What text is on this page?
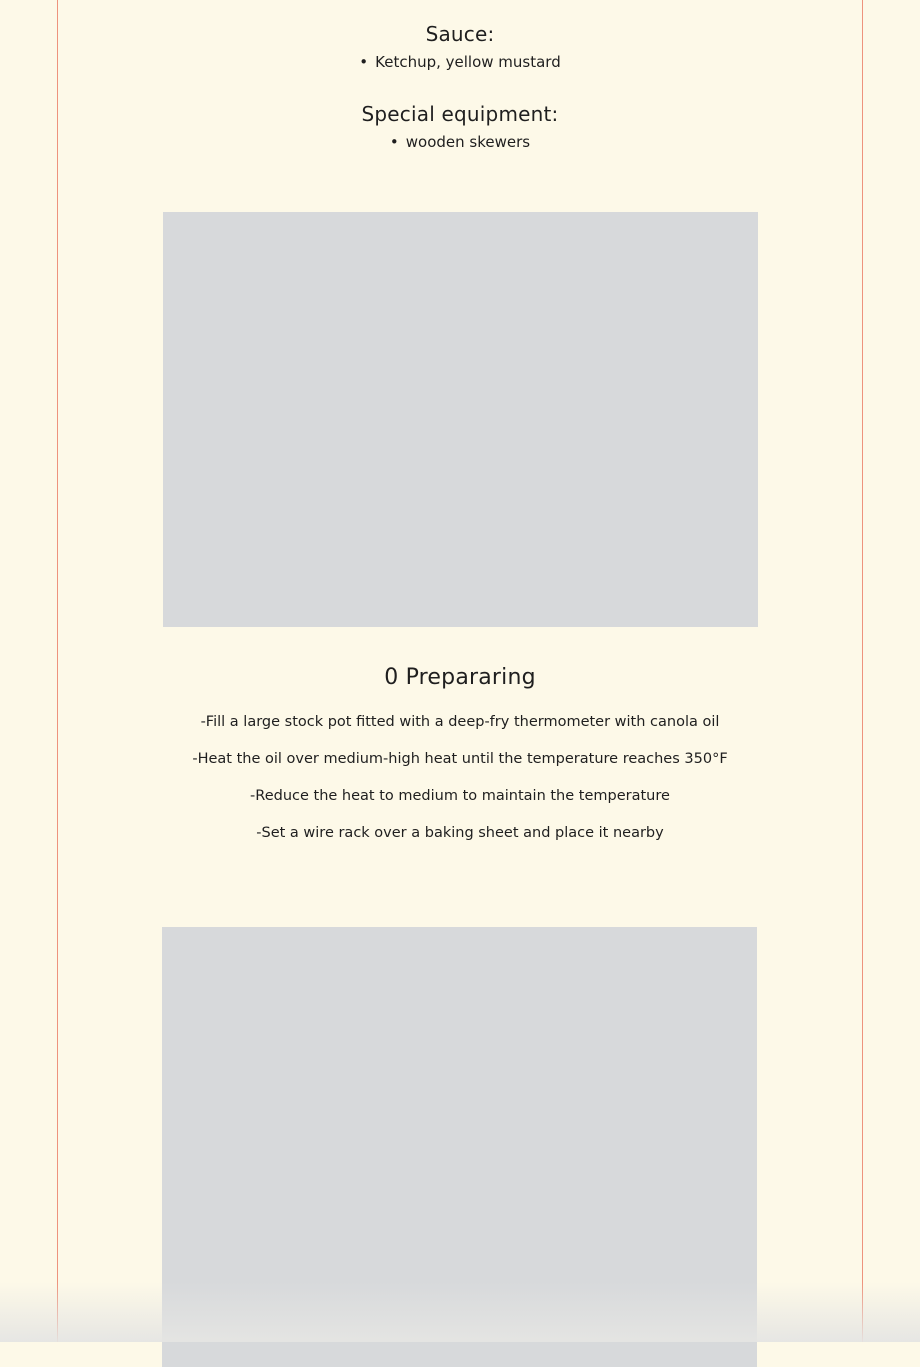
Sauce:
• Ketchup, yellow mustard
Special equipment:
• wooden skewers
0 Prepararing
-Fill a large stock pot fitted with a deep-fry thermometer with canola oil
-Heat the oil over medium-high heat until the temperature reaches 350°F
-Reduce the heat to medium to maintain the temperature
-Set a wire rack over a baking sheet and place it nearby
